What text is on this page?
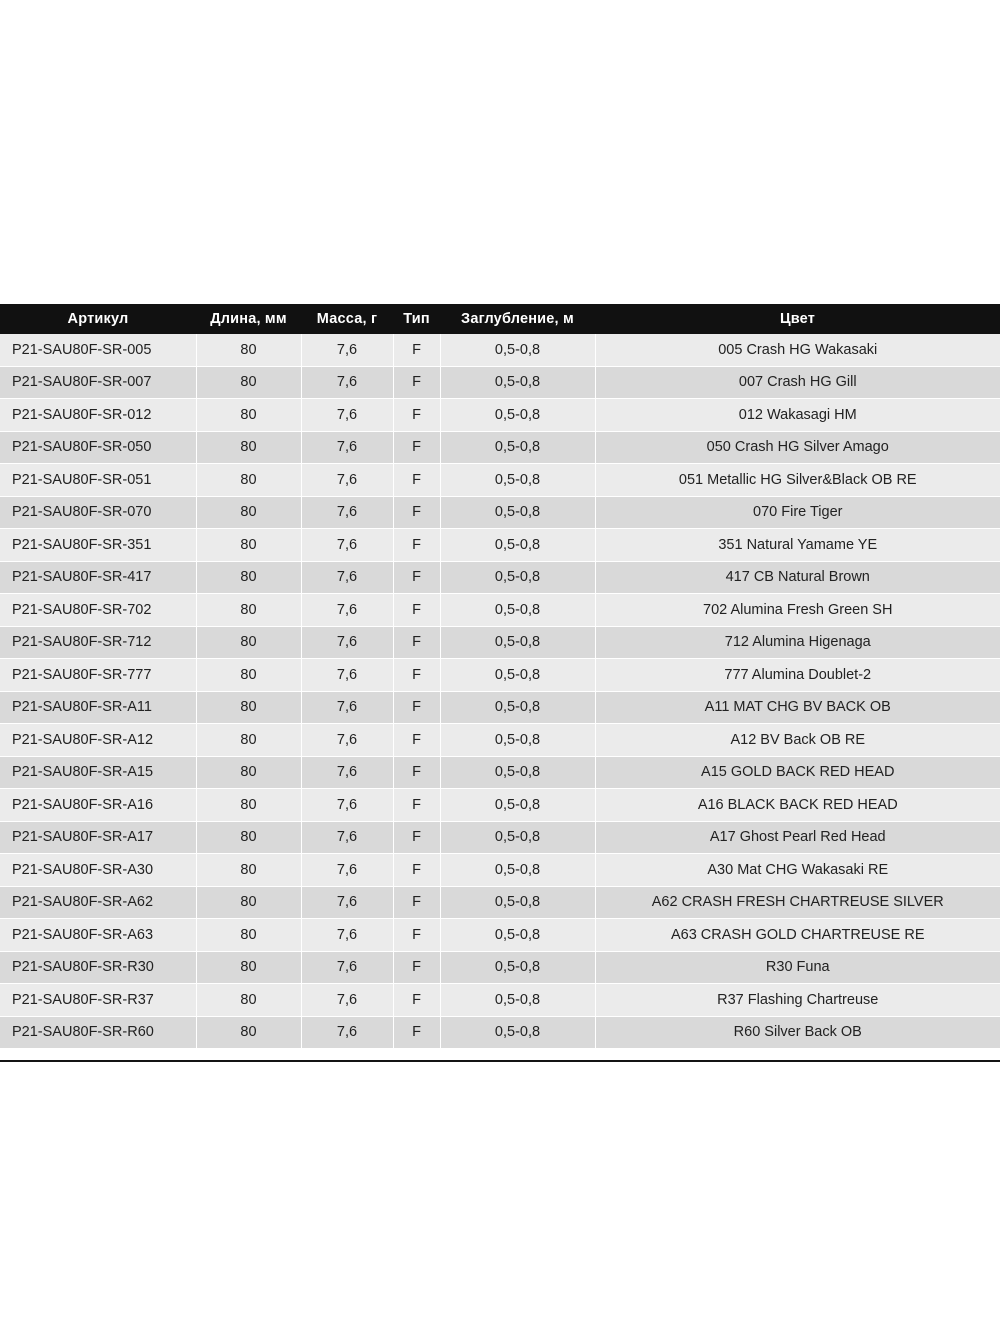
Артикул	Длина, мм	Масса, г	Тип	Заглубление, м	Цвет
P21-SAU80F-SR-005	80	7,6	F	0,5-0,8	005 Crash HG Wakasaki
P21-SAU80F-SR-007	80	7,6	F	0,5-0,8	007 Crash HG Gill
P21-SAU80F-SR-012	80	7,6	F	0,5-0,8	012 Wakasagi HM
P21-SAU80F-SR-050	80	7,6	F	0,5-0,8	050 Crash HG Silver Amago
P21-SAU80F-SR-051	80	7,6	F	0,5-0,8	051 Metallic HG Silver&Black OB RE
P21-SAU80F-SR-070	80	7,6	F	0,5-0,8	070 Fire Tiger
P21-SAU80F-SR-351	80	7,6	F	0,5-0,8	351 Natural Yamame YE
P21-SAU80F-SR-417	80	7,6	F	0,5-0,8	417 CB Natural Brown
P21-SAU80F-SR-702	80	7,6	F	0,5-0,8	702 Alumina Fresh Green SH
P21-SAU80F-SR-712	80	7,6	F	0,5-0,8	712 Alumina Higenaga
P21-SAU80F-SR-777	80	7,6	F	0,5-0,8	777 Alumina Doublet-2
P21-SAU80F-SR-A11	80	7,6	F	0,5-0,8	A11 MAT CHG BV BACK OB
P21-SAU80F-SR-A12	80	7,6	F	0,5-0,8	A12 BV Back OB RE
P21-SAU80F-SR-A15	80	7,6	F	0,5-0,8	A15 GOLD BACK RED HEAD
P21-SAU80F-SR-A16	80	7,6	F	0,5-0,8	A16 BLACK BACK RED HEAD
P21-SAU80F-SR-A17	80	7,6	F	0,5-0,8	A17 Ghost Pearl Red Head
P21-SAU80F-SR-A30	80	7,6	F	0,5-0,8	A30 Mat CHG Wakasaki RE
P21-SAU80F-SR-A62	80	7,6	F	0,5-0,8	A62 CRASH FRESH CHARTREUSE SILVER
P21-SAU80F-SR-A63	80	7,6	F	0,5-0,8	A63 CRASH GOLD CHARTREUSE RE
P21-SAU80F-SR-R30	80	7,6	F	0,5-0,8	R30 Funa
P21-SAU80F-SR-R37	80	7,6	F	0,5-0,8	R37 Flashing Chartreuse
P21-SAU80F-SR-R60	80	7,6	F	0,5-0,8	R60 Silver Back OB
